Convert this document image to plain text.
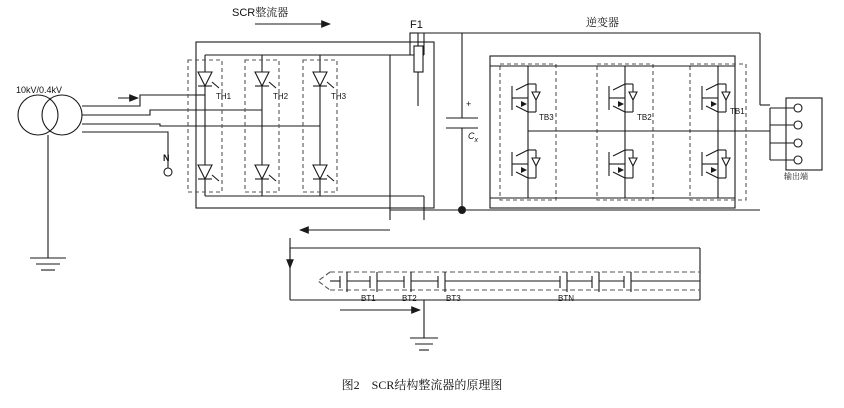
10kV/0.4kV
N
SCR整流器
逆变器
F1
+
$C_x$
TH1	TH2	TH3
TB3	TB2
TB1
BT1	BT2	BT3	BTN
输出端
图2　SCR结构整流器的原理图
